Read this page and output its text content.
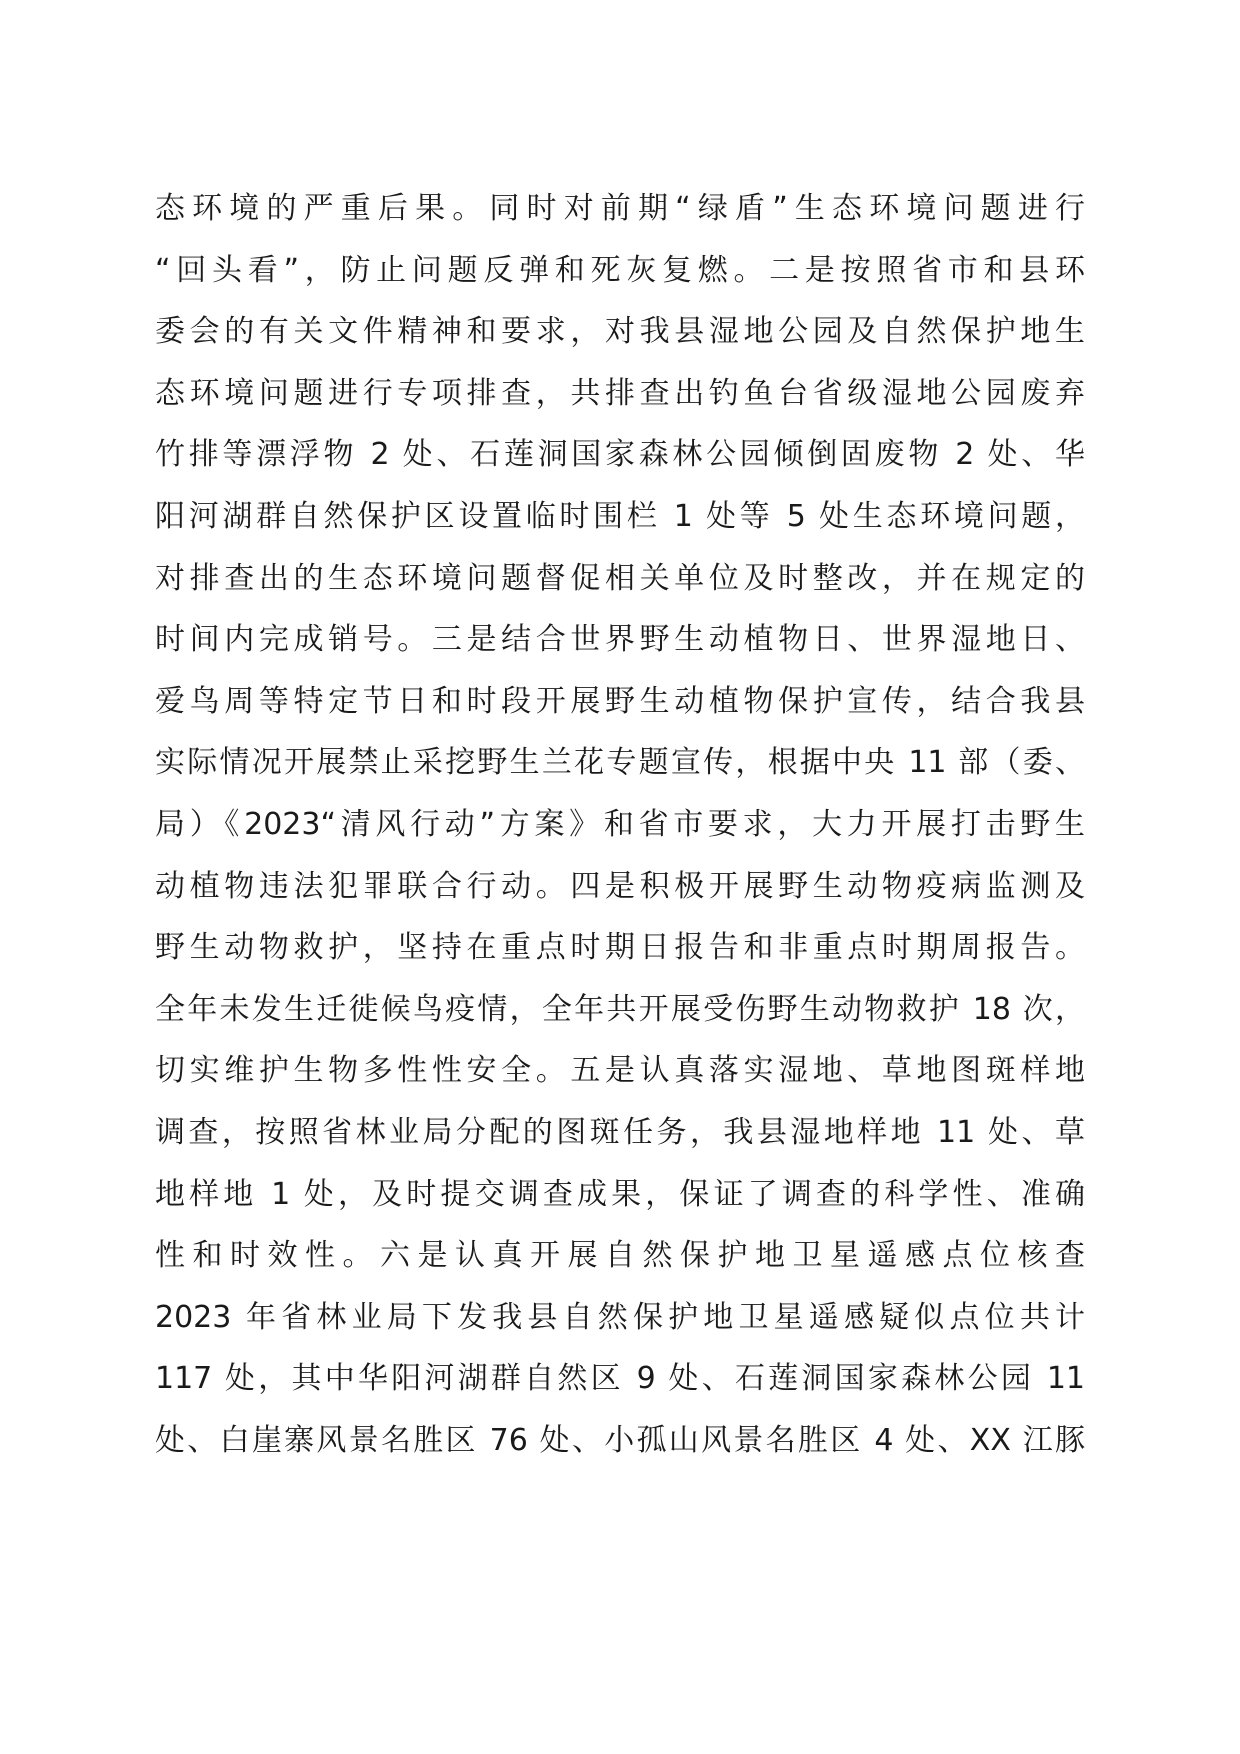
态环境的严重后果。同时对前期“绿盾”生态环境问题进行
“回头看”，防止问题反弹和死灰复燃。二是按照省市和县环
委会的有关文件精神和要求，对我县湿地公园及自然保护地生
态环境问题进行专项排查，共排查出钓鱼台省级湿地公园废弃
竹排等漂浮物 2 处、石莲洞国家森林公园倾倒固废物 2 处、华
阳河湖群自然保护区设置临时围栏 1 处等 5 处生态环境问题，
对排查出的生态环境问题督促相关单位及时整改，并在规定的
时间内完成销号。三是结合世界野生动植物日、世界湿地日、
爱鸟周等特定节日和时段开展野生动植物保护宣传，结合我县
实际情况开展禁止采挖野生兰花专题宣传，根据中央 11 部（委、
局）《2023“清风行动”方案》和省市要求，大力开展打击野生
动植物违法犯罪联合行动。四是积极开展野生动物疫病监测及
野生动物救护，坚持在重点时期日报告和非重点时期周报告。
全年未发生迁徙候鸟疫情，全年共开展受伤野生动物救护 18 次，
切实维护生物多性性安全。五是认真落实湿地、草地图斑样地
调查，按照省林业局分配的图斑任务，我县湿地样地 11 处、草
地样地 1 处，及时提交调查成果，保证了调查的科学性、准确
性和时效性。六是认真开展自然保护地卫星遥感点位核查
2023 年省林业局下发我县自然保护地卫星遥感疑似点位共计
117 处，其中华阳河湖群自然区 9 处、石莲洞国家森林公园 11
处、白崖寨风景名胜区 76 处、小孤山风景名胜区 4 处、XX 江豚
